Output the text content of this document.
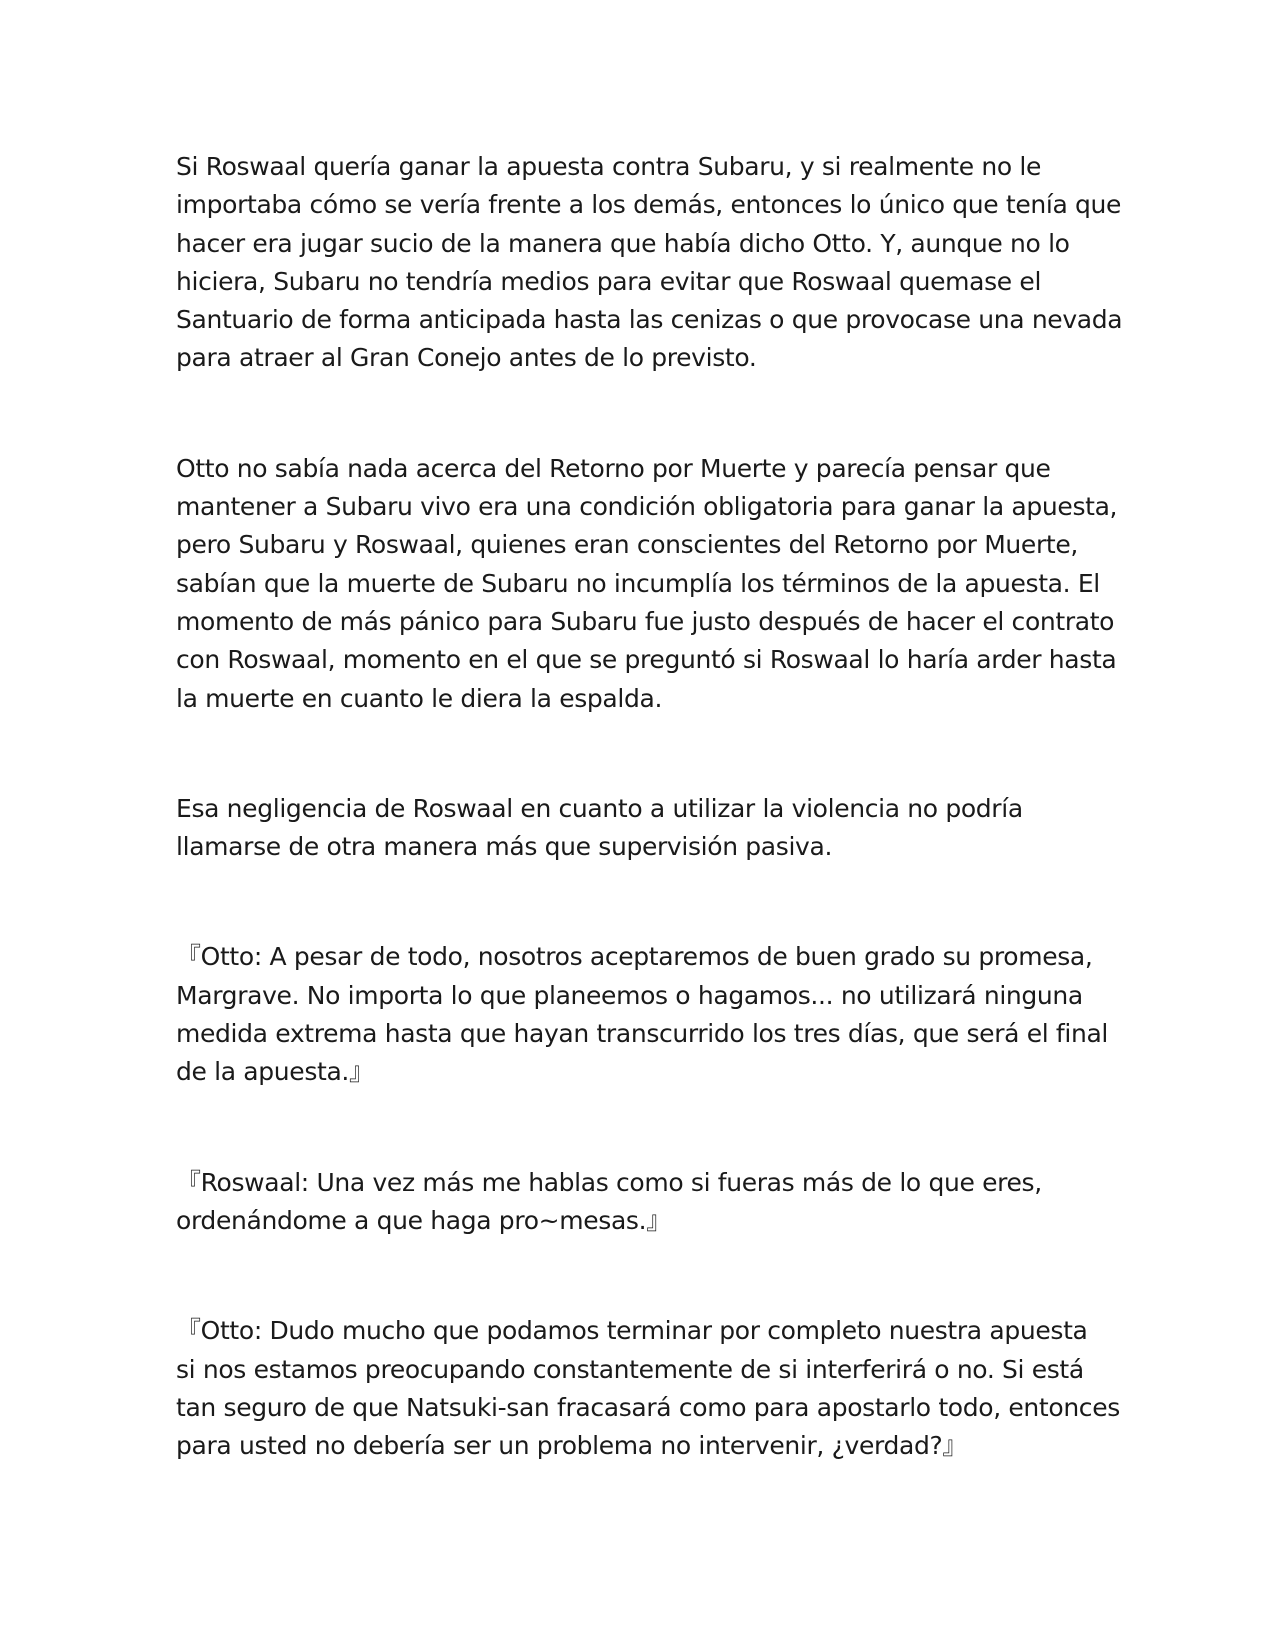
Si Roswaal quería ganar la apuesta contra Subaru, y si realmente no le
importaba cómo se vería frente a los demás, entonces lo único que tenía que
hacer era jugar sucio de la manera que había dicho Otto. Y, aunque no lo
hiciera, Subaru no tendría medios para evitar que Roswaal quemase el
Santuario de forma anticipada hasta las cenizas o que provocase una nevada
para atraer al Gran Conejo antes de lo previsto.

Otto no sabía nada acerca del Retorno por Muerte y parecía pensar que
mantener a Subaru vivo era una condición obligatoria para ganar la apuesta,
pero Subaru y Roswaal, quienes eran conscientes del Retorno por Muerte,
sabían que la muerte de Subaru no incumplía los términos de la apuesta. El
momento de más pánico para Subaru fue justo después de hacer el contrato
con Roswaal, momento en el que se preguntó si Roswaal lo haría arder hasta
la muerte en cuanto le diera la espalda.

Esa negligencia de Roswaal en cuanto a utilizar la violencia no podría
llamarse de otra manera más que supervisión pasiva.

『Otto: A pesar de todo, nosotros aceptaremos de buen grado su promesa,
Margrave. No importa lo que planeemos o hagamos... no utilizará ninguna
medida extrema hasta que hayan transcurrido los tres días, que será el final
de la apuesta.』

『Roswaal: Una vez más me hablas como si fueras más de lo que eres,
ordenándome a que haga pro~mesas.』

『Otto: Dudo mucho que podamos terminar por completo nuestra apuesta
si nos estamos preocupando constantemente de si interferirá o no. Si está
tan seguro de que Natsuki-san fracasará como para apostarlo todo, entonces
para usted no debería ser un problema no intervenir, ¿verdad?』
